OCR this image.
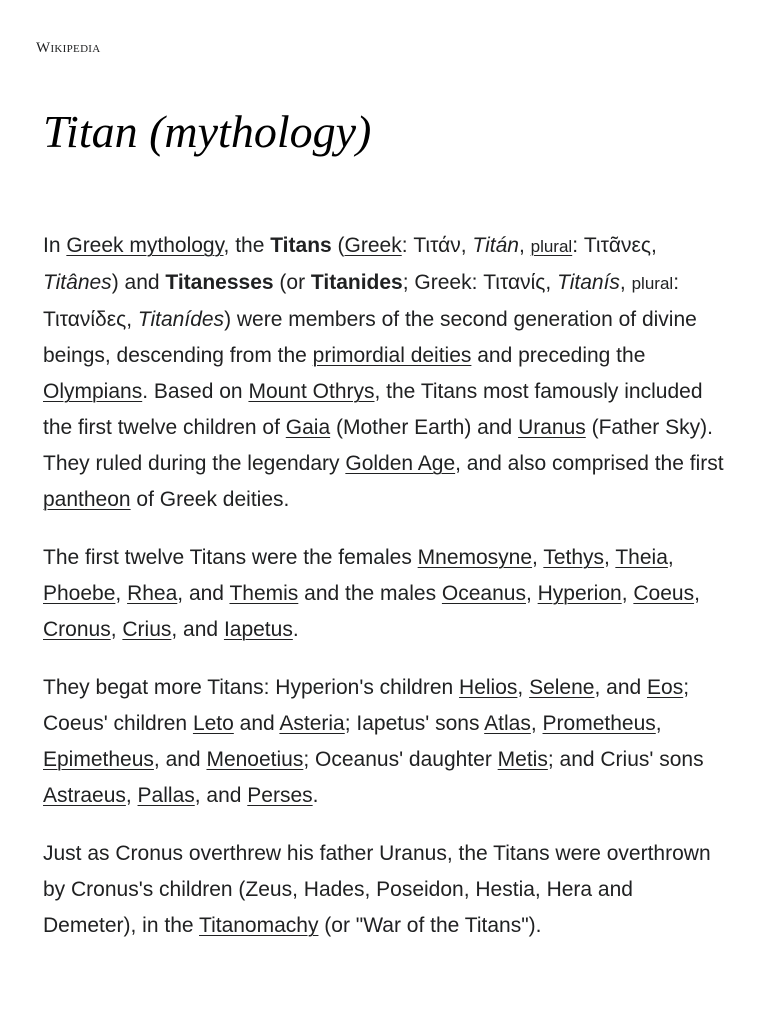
Wikipedia
Titan (mythology)

In Greek mythology, the Titans (Greek: Τιτάν, Titán, plural: Τιτᾶνες, Titânes) and Titanesses (or Titanides; Greek: Τιτανίς, Titanís, plural: Τιτανίδες, Titanídes) were members of the second generation of divine beings, descending from the primordial deities and preceding the Olympians. Based on Mount Othrys, the Titans most famously included the first twelve children of Gaia (Mother Earth) and Uranus (Father Sky). They ruled during the legendary Golden Age, and also comprised the first pantheon of Greek deities.

The first twelve Titans were the females Mnemosyne, Tethys, Theia, Phoebe, Rhea, and Themis and the males Oceanus, Hyperion, Coeus, Cronus, Crius, and Iapetus.

They begat more Titans: Hyperion's children Helios, Selene, and Eos; Coeus' children Leto and Asteria; Iapetus' sons Atlas, Prometheus, Epimetheus, and Menoetius; Oceanus' daughter Metis; and Crius' sons Astraeus, Pallas, and Perses.

Just as Cronus overthrew his father Uranus, the Titans were overthrown by Cronus's children (Zeus, Hades, Poseidon, Hestia, Hera and Demeter), in the Titanomachy (or "War of the Titans").
